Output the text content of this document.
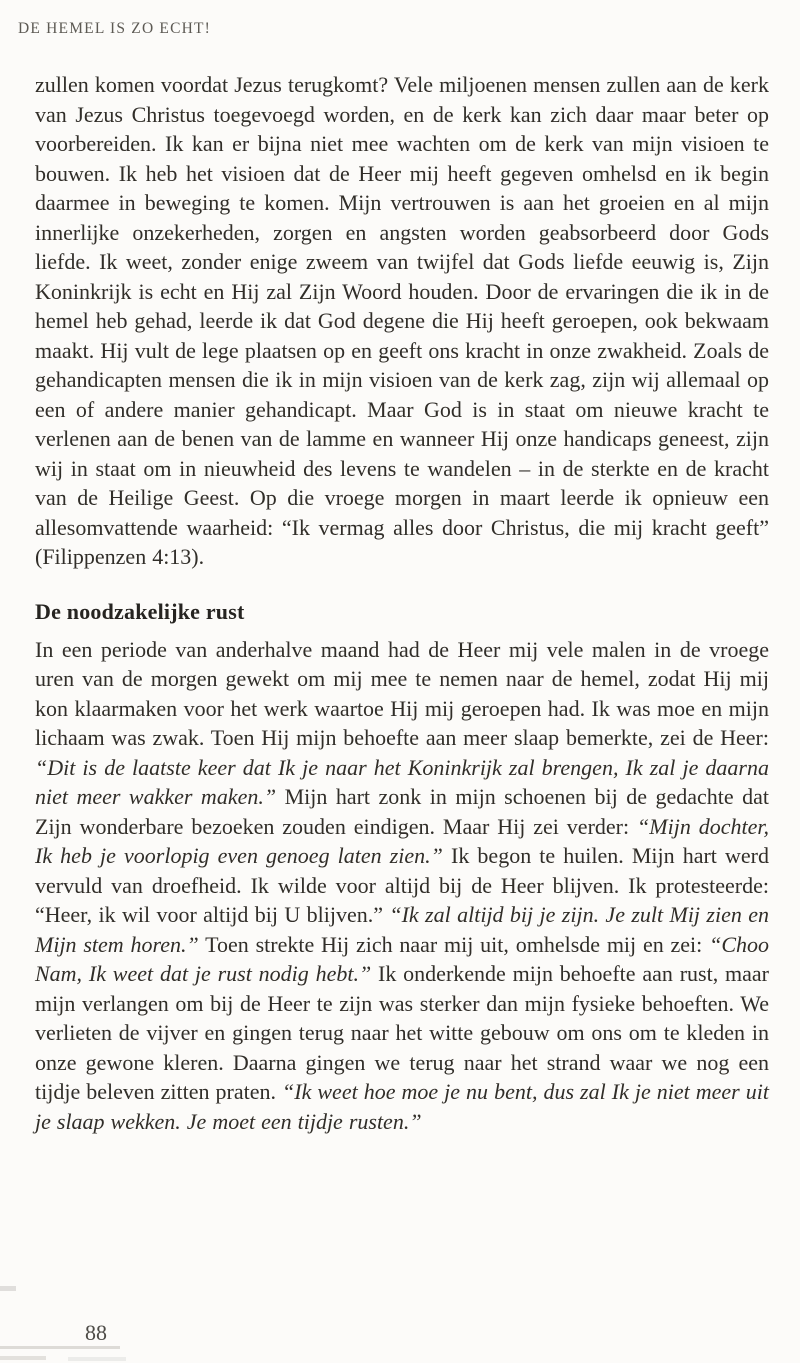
DE HEMEL IS ZO ECHT!

zullen komen voordat Jezus terugkomt? Vele miljoenen mensen zullen aan de kerk van Jezus Christus toegevoegd worden, en de kerk kan zich daar maar beter op voorbereiden. Ik kan er bijna niet mee wachten om de kerk van mijn visioen te bouwen. Ik heb het visioen dat de Heer mij heeft gegeven omhelsd en ik begin daarmee in beweging te komen. Mijn vertrouwen is aan het groeien en al mijn innerlijke onzekerheden, zorgen en angsten worden geabsorbeerd door Gods liefde. Ik weet, zonder enige zweem van twijfel dat Gods liefde eeuwig is, Zijn Koninkrijk is echt en Hij zal Zijn Woord houden. Door de ervaringen die ik in de hemel heb gehad, leerde ik dat God degene die Hij heeft geroepen, ook bekwaam maakt. Hij vult de lege plaatsen op en geeft ons kracht in onze zwakheid. Zoals de gehandicapten mensen die ik in mijn visioen van de kerk zag, zijn wij allemaal op een of andere manier gehandicapt. Maar God is in staat om nieuwe kracht te verlenen aan de benen van de lamme en wanneer Hij onze handicaps geneest, zijn wij in staat om in nieuwheid des levens te wandelen – in de sterkte en de kracht van de Heilige Geest. Op die vroege morgen in maart leerde ik opnieuw een allesomvattende waarheid: “Ik vermag alles door Christus, die mij kracht geeft” (Filippenzen 4:13).

De noodzakelijke rust

In een periode van anderhalve maand had de Heer mij vele malen in de vroege uren van de morgen gewekt om mij mee te nemen naar de hemel, zodat Hij mij kon klaarmaken voor het werk waartoe Hij mij geroepen had. Ik was moe en mijn lichaam was zwak. Toen Hij mijn behoefte aan meer slaap bemerkte, zei de Heer: “Dit is de laatste keer dat Ik je naar het Koninkrijk zal brengen, Ik zal je daarna niet meer wakker maken.” Mijn hart zonk in mijn schoenen bij de gedachte dat Zijn wonderbare bezoeken zouden eindigen. Maar Hij zei verder: “Mijn dochter, Ik heb je voorlopig even genoeg laten zien.” Ik begon te huilen. Mijn hart werd vervuld van droefheid. Ik wilde voor altijd bij de Heer blijven. Ik protesteerde: “Heer, ik wil voor altijd bij U blijven.” “Ik zal altijd bij je zijn. Je zult Mij zien en Mijn stem horen.” Toen strekte Hij zich naar mij uit, omhelsde mij en zei: “Choo Nam, Ik weet dat je rust nodig hebt.” Ik onderkende mijn behoefte aan rust, maar mijn verlangen om bij de Heer te zijn was sterker dan mijn fysieke behoeften. We verlieten de vijver en gingen terug naar het witte gebouw om ons om te kleden in onze gewone kleren. Daarna gingen we terug naar het strand waar we nog een tijdje beleven zitten praten. “Ik weet hoe moe je nu bent, dus zal Ik je niet meer uit je slaap wekken. Je moet een tijdje rusten.”

88
